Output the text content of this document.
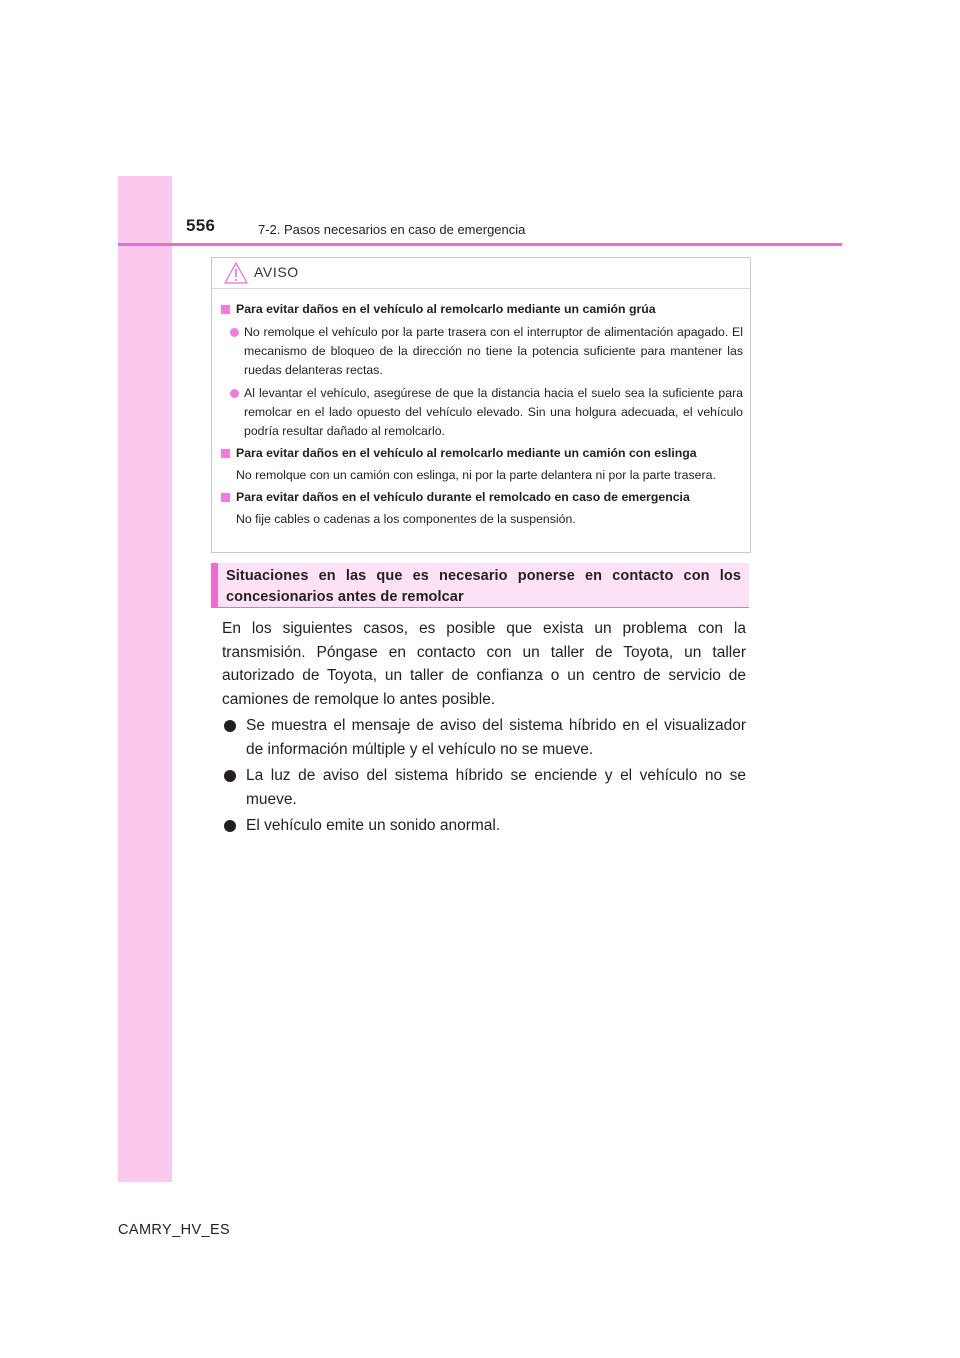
556	7-2. Pasos necesarios en caso de emergencia
AVISO
Para evitar daños en el vehículo al remolcarlo mediante un camión grúa
No remolque el vehículo por la parte trasera con el interruptor de alimentación apagado. El mecanismo de bloqueo de la dirección no tiene la potencia suficiente para mantener las ruedas delanteras rectas.
Al levantar el vehículo, asegúrese de que la distancia hacia el suelo sea la suficiente para remolcar en el lado opuesto del vehículo elevado. Sin una holgura adecuada, el vehículo podría resultar dañado al remolcarlo.
Para evitar daños en el vehículo al remolcarlo mediante un camión con eslinga
No remolque con un camión con eslinga, ni por la parte delantera ni por la parte trasera.
Para evitar daños en el vehículo durante el remolcado en caso de emergencia
No fije cables o cadenas a los componentes de la suspensión.
Situaciones en las que es necesario ponerse en contacto con los concesionarios antes de remolcar

En los siguientes casos, es posible que exista un problema con la transmisión. Póngase en contacto con un taller de Toyota, un taller autorizado de Toyota, un taller de confianza o un centro de servicio de camiones de remolque lo antes posible.

Se muestra el mensaje de aviso del sistema híbrido en el visualizador de información múltiple y el vehículo no se mueve.

La luz de aviso del sistema híbrido se enciende y el vehículo no se mueve.

El vehículo emite un sonido anormal.

CAMRY_HV_ES
